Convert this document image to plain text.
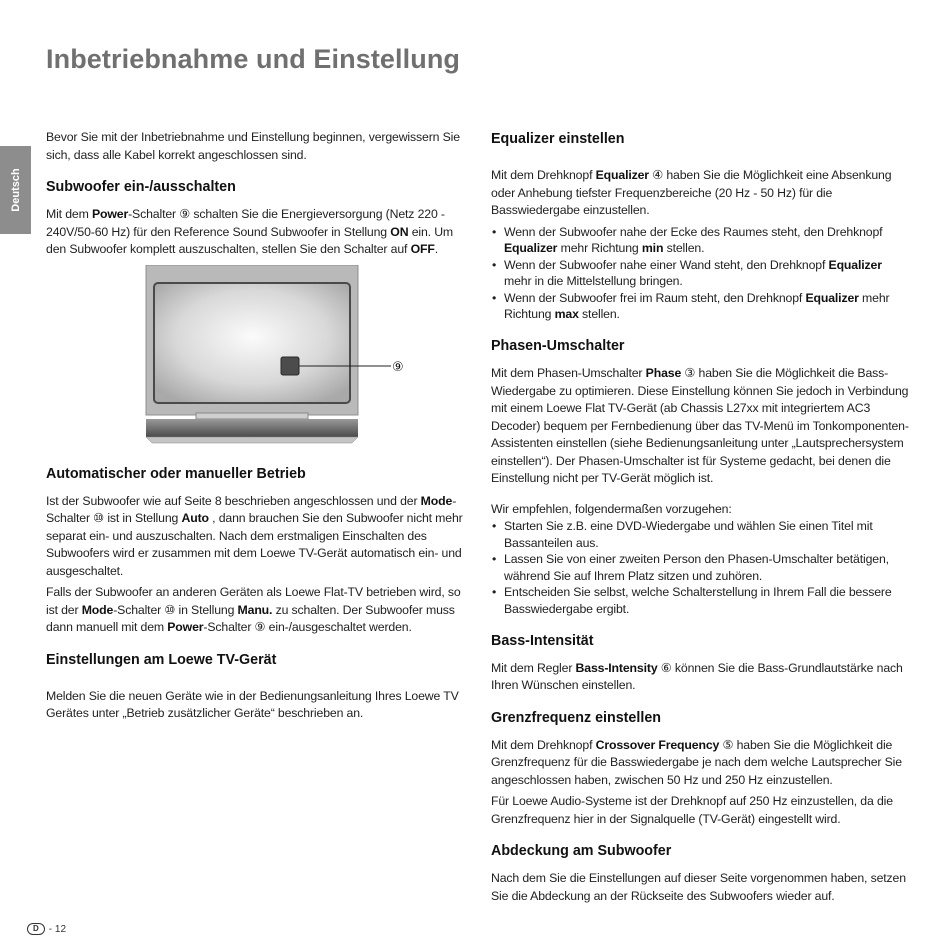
Inbetriebnahme und Einstellung
Deutsch

Bevor Sie mit der Inbetriebnahme und Einstellung beginnen, vergewissern Sie sich, dass alle Kabel korrekt angeschlossen sind.

Subwoofer ein-/ausschalten

Mit dem Power-Schalter ⑨ schalten Sie die Energieversorgung (Netz 220 - 240V/50-60 Hz) für den Reference Sound Subwoofer in Stellung ON ein. Um den Subwoofer komplett auszuschalten, stellen Sie den Schalter auf OFF.

⑨
Automatischer oder manueller Betrieb

Ist der Subwoofer wie auf Seite 8 beschrieben angeschlossen und der Mode-Schalter ⑩ ist in Stellung Auto , dann brauchen Sie den Subwoofer nicht mehr separat ein- und auszuschalten. Nach dem erstmaligen Einschalten des Subwoofers wird er zusammen mit dem Loewe TV-Gerät automatisch ein- und ausgeschaltet.

Falls der Subwoofer an anderen Geräten als Loewe Flat-TV betrieben wird, so ist der Mode-Schalter ⑩ in Stellung Manu. zu schalten. Der Subwoofer muss dann manuell mit dem Power-Schalter ⑨ ein-/ausgeschaltet werden.

Einstellungen am Loewe TV-Gerät

Melden Sie die neuen Geräte wie in der Bedienungsanleitung Ihres Loewe TV Gerätes unter „Betrieb zusätzlicher Geräte“ beschrieben an.

Equalizer einstellen

Mit dem Drehknopf Equalizer ④ haben Sie die Möglichkeit eine Absenkung oder Anhebung tiefster Frequenzbereiche (20 Hz - 50 Hz) für die Basswiedergabe einzustellen.

• Wenn der Subwoofer nahe der Ecke des Raumes steht, den Drehknopf Equalizer mehr Richtung min stellen.
• Wenn der Subwoofer nahe einer Wand steht, den Drehknopf Equalizer mehr in die Mittelstellung bringen.
• Wenn der Subwoofer frei im Raum steht, den Drehknopf Equalizer mehr Richtung max stellen.
Phasen-Umschalter

Mit dem Phasen-Umschalter Phase ③ haben Sie die Möglichkeit die Bass-Wiedergabe zu optimieren. Diese Einstellung können Sie jedoch in Verbindung mit einem Loewe Flat TV-Gerät (ab Chassis L27xx mit integriertem AC3 Decoder) bequem per Fernbedienung über das TV-Menü im Tonkomponenten-Assistenten einstellen (siehe Bedienungsanleitung unter „Lautsprechersystem einstellen“). Der Phasen-Umschalter ist für Systeme gedacht, bei denen die Einstellung nicht per TV-Gerät möglich ist.

Wir empfehlen, folgendermaßen vorzugehen:

• Starten Sie z.B. eine DVD-Wiedergabe und wählen Sie einen Titel mit Bassanteilen aus.
• Lassen Sie von einer zweiten Person den Phasen-Umschalter betätigen, während Sie auf Ihrem Platz sitzen und zuhören.
• Entscheiden Sie selbst, welche Schalterstellung in Ihrem Fall die bessere Basswiedergabe ergibt.
Bass-Intensität

Mit dem Regler Bass-Intensity ⑥ können Sie die Bass-Grundlautstärke nach Ihren Wünschen einstellen.

Grenzfrequenz einstellen

Mit dem Drehknopf Crossover Frequency ⑤ haben Sie die Möglichkeit die Grenzfrequenz für die Basswiedergabe je nach dem welche Lautsprecher Sie angeschlossen haben, zwischen 50 Hz und 250 Hz einzustellen.

Für Loewe Audio-Systeme ist der Drehknopf auf 250 Hz einzustellen, da die Grenzfrequenz hier in der Signalquelle (TV-Gerät) eingestellt wird.

Abdeckung am Subwoofer

Nach dem Sie die Einstellungen auf dieser Seite vorgenommen haben, setzen Sie die Abdeckung an der Rückseite des Subwoofers wieder auf.

D	- 12
